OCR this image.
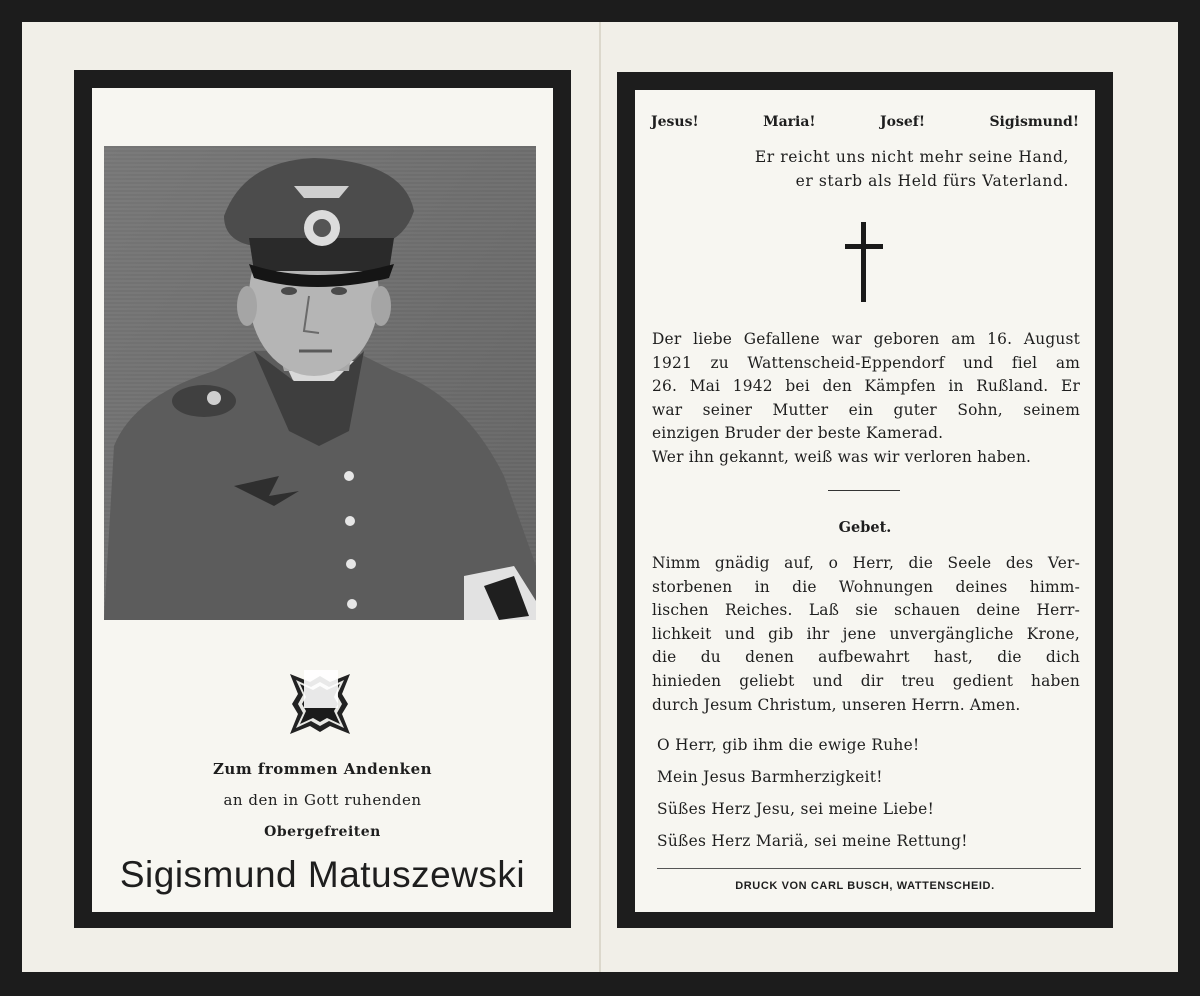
Zum frommen Andenken
an den in Gott ruhenden
Obergefreiten
Sigismund Matuszewski
Jesus!	Maria!	Josef!	Sigismund!
Er reicht uns nicht mehr seine Hand,
er starb als Held fürs Vaterland.
Der liebe Gefallene war geboren am 16. August
1921 zu Wattenscheid-Eppendorf und fiel am
26. Mai 1942 bei den Kämpfen in Rußland. Er
war seiner Mutter ein guter Sohn, seinem
einzigen Bruder der beste Kamerad.
Wer ihn gekannt, weiß was wir verloren haben.
Gebet.
Nimm gnädig auf, o Herr, die Seele des Ver-
storbenen in die Wohnungen deines himm-
lischen Reiches. Laß sie schauen deine Herr-
lichkeit und gib ihr jene unvergängliche Krone,
die du denen aufbewahrt hast, die dich
hinieden geliebt und dir treu gedient haben
durch Jesum Christum, unseren Herrn. Amen.
O Herr, gib ihm die ewige Ruhe!
Mein Jesus Barmherzigkeit!
Süßes Herz Jesu, sei meine Liebe!
Süßes Herz Mariä, sei meine Rettung!
DRUCK VON CARL BUSCH, WATTENSCHEID.
